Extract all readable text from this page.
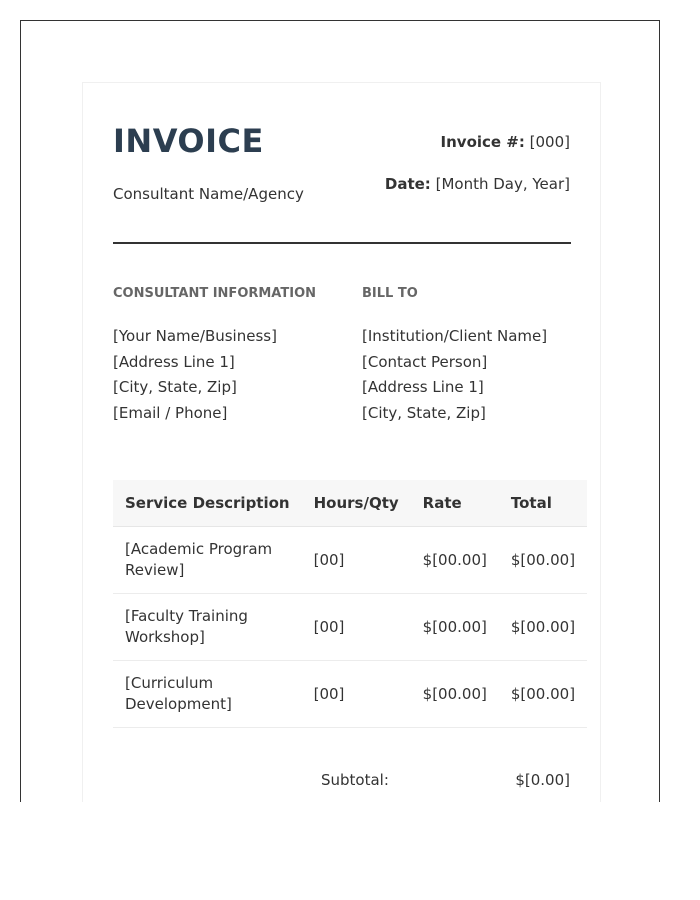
INVOICE
Consultant Name/Agency
Invoice #: [000]
Date: [Month Day, Year]
CONSULTANT INFORMATION
[Your Name/Business]
[Address Line 1]
[City, State, Zip]
[Email / Phone]
BILL TO
[Institution/Client Name]
[Contact Person]
[Address Line 1]
[City, State, Zip]
Service Description	Hours/Qty	Rate	Total
[Academic Program Review]	[00]	$[00.00]	$[00.00]
[Faculty Training Workshop]	[00]	$[00.00]	$[00.00]
[Curriculum Development]	[00]	$[00.00]	$[00.00]
Subtotal:	$[0.00]
